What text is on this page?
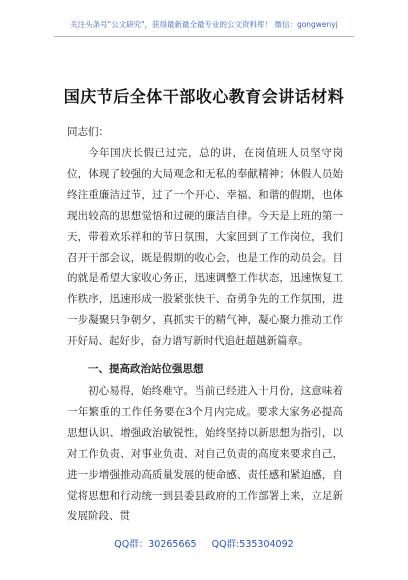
关注头条号"公文研究"，获得最新最全最专业的公文资料库！ 微信：gongwenyj
国庆节后全体干部收心教育会讲话材料
同志们：

今年国庆长假已过完，总的讲，在岗值班人员坚守岗位，体现了较强的大局观念和无私的奉献精神；休假人员始终注重廉洁过节，过了一个开心、幸福、和谐的假期，也体现出较高的思想觉悟和过硬的廉洁自律。今天是上班的第一天，带着欢乐祥和的节日氛围，大家回到了工作岗位，我们召开干部会议，既是假期的收心会，也是工作的动员会。目的就是希望大家收心务正，迅速调整工作状态，迅速恢复工作秩序，迅速形成一股紧张快干、奋勇争先的工作氛围，进一步凝聚只争朝夕、真抓实干的精气神，凝心聚力推动工作开好局、起好步，奋力谱写新时代追赶超越新篇章。

一、提高政治站位强思想

初心易得，始终难守。当前已经进入十月份，这意味着一年繁重的工作任务要在3个月内完成。要求大家务必提高思想认识、增强政治敏锐性，始终坚持以新思想为指引，以对工作负责、对事业负责、对自己负责的高度来要求自己，进一步增强推动高质量发展的使命感、责任感和紧迫感，自觉将思想和行动统一到县委县政府的工作部署上来，立足新发展阶段、贯

QQ群：30265665 QQ群:535304092
